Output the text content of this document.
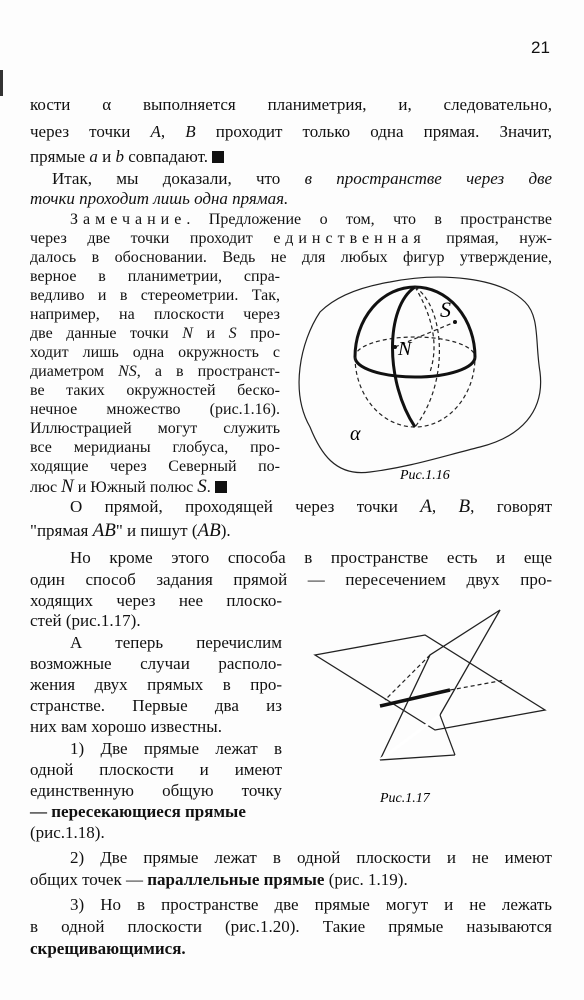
21
кости α выполняется планиметрия, и, следовательно,
через точки A, B проходит только одна прямая. Значит,
прямые a и b совпадают.
Итак, мы доказали, что в пространстве через две
точки проходит лишь одна прямая.
Замечание. Предложение о том, что в пространстве
через две точки проходит единственная прямая, нуж-
далось в обосновании. Ведь не для любых фигур утверждение,
верное в планиметрии, спра-
ведливо и в стереометрии. Так,
например, на плоскости через
две данные точки N и S про-
ходит лишь одна окружность с
диаметром NS, а в пространст-
ве таких окружностей беско-
нечное множество (рис.1.16).
Иллюстрацией могут служить
все меридианы глобуса, про-
ходящие через Северный по-
люс N и Южный полюс S.
О прямой, проходящей через точки A, B, говорят
"прямая AB" и пишут (AB).
Но кроме этого способа в пространстве есть и еще
один способ задания прямой — пересечением двух про-
ходящих через нее плоско-
стей (рис.1.17).
А теперь перечислим
возможные случаи располо-
жения двух прямых в про-
странстве. Первые два из
них вам хорошо известны.
1) Две прямые лежат в
одной плоскости и имеют
единственную общую точку
— пересекающиеся прямые
(рис.1.18).
2) Две прямые лежат в одной плоскости и не имеют
общих точек — параллельные прямые (рис. 1.19).
3) Но в пространстве две прямые могут и не лежать
в одной плоскости (рис.1.20). Такие прямые называются
скрещивающимися.
S
N
α
Рис.1.16
Рис.1.17
